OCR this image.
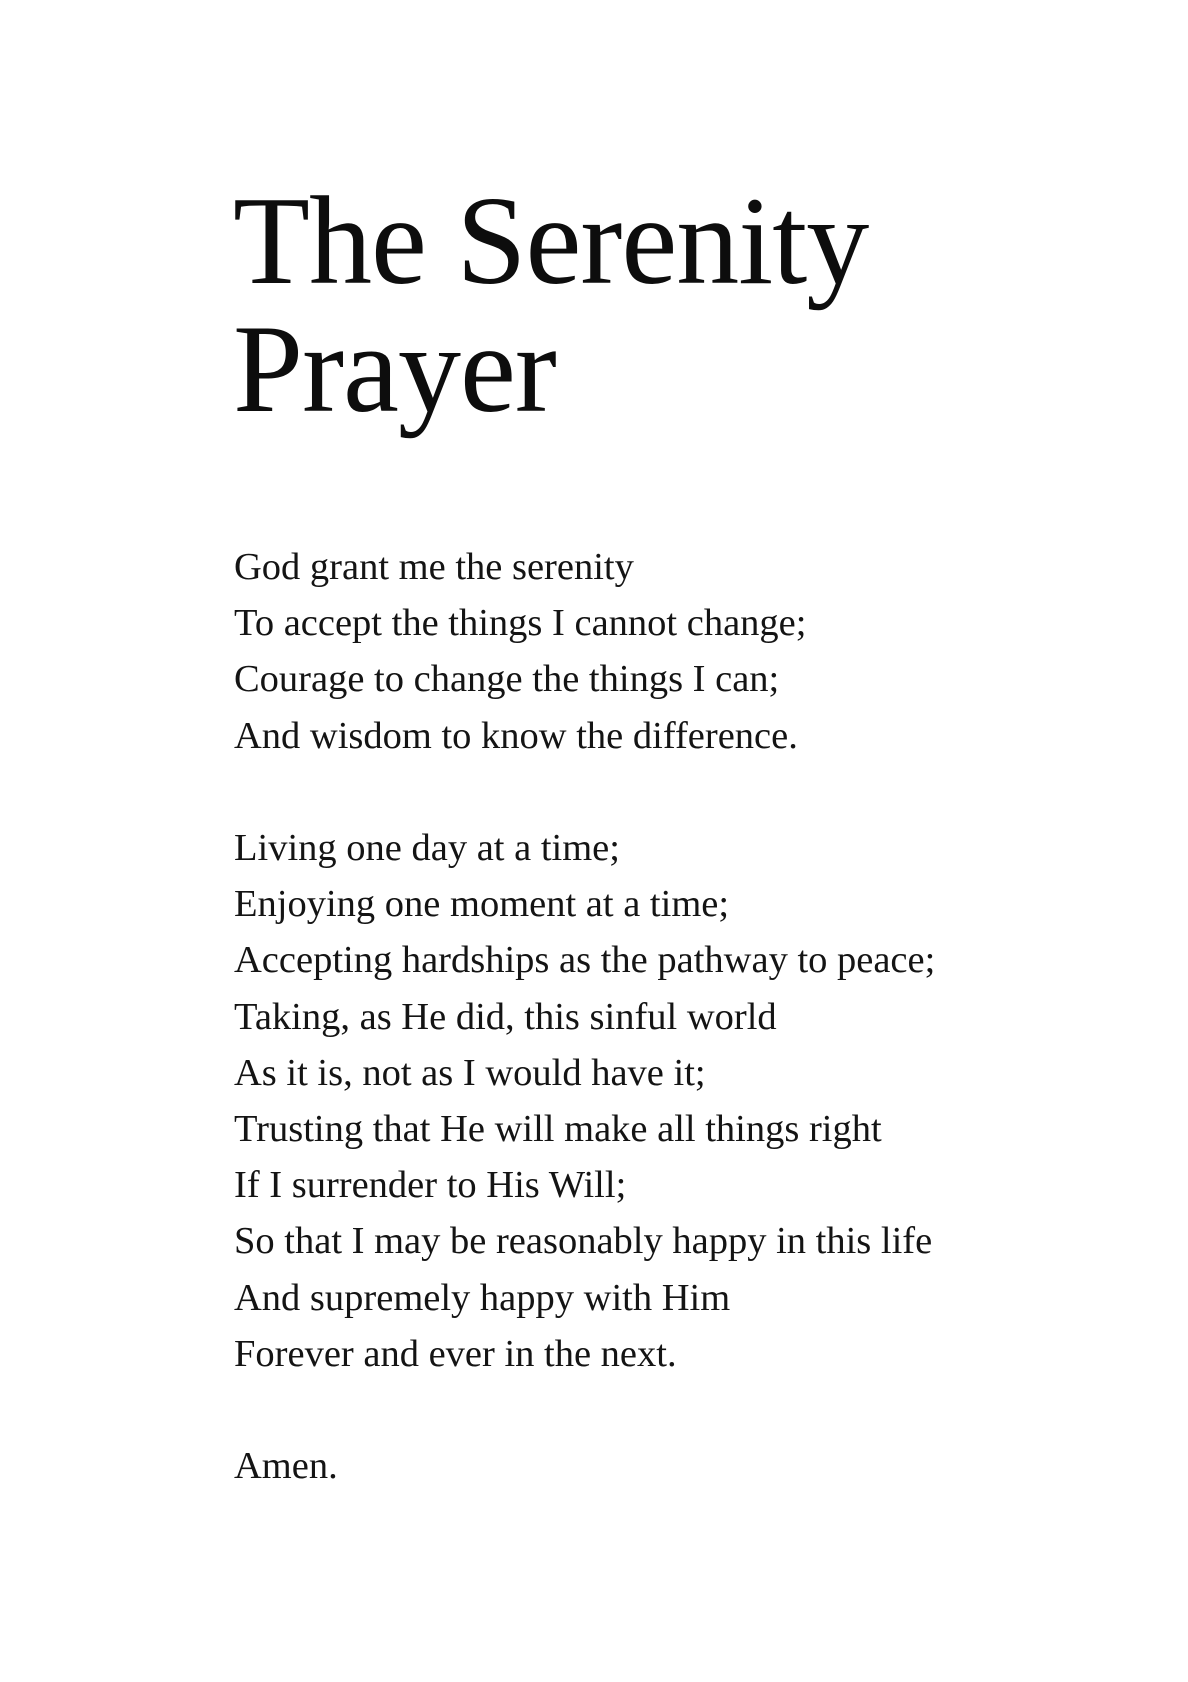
The Serenity
Prayer
God grant me the serenity
To accept the things I cannot change;
Courage to change the things I can;
And wisdom to know the difference.
Living one day at a time;
Enjoying one moment at a time;
Accepting hardships as the pathway to peace;
Taking, as He did, this sinful world
As it is, not as I would have it;
Trusting that He will make all things right
If I surrender to His Will;
So that I may be reasonably happy in this life
And supremely happy with Him
Forever and ever in the next.
Amen.
